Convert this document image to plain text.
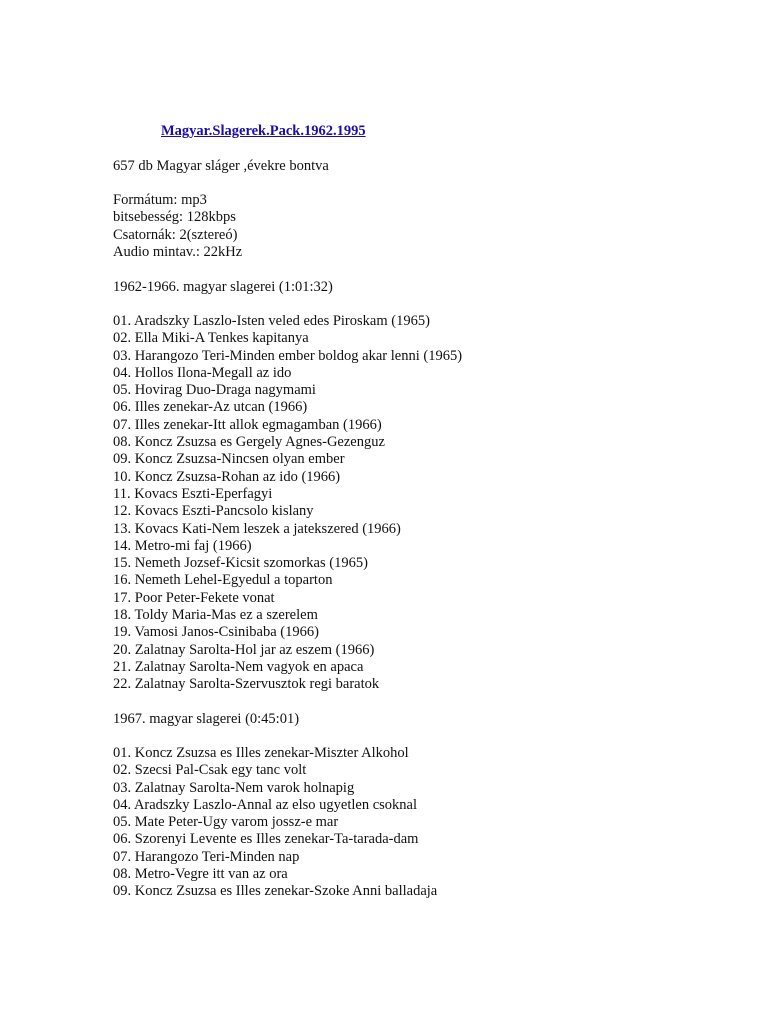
Magyar.Slagerek.Pack.1962.1995
657 db Magyar sláger ,évekre bontva
Formátum: mp3
bitsebesség: 128kbps
Csatornák: 2(sztereó)
Audio mintav.: 22kHz
1962-1966. magyar slagerei (1:01:32)
01. Aradszky Laszlo-Isten veled edes Piroskam (1965)
02. Ella Miki-A Tenkes kapitanya
03. Harangozo Teri-Minden ember boldog akar lenni (1965)
04. Hollos Ilona-Megall az ido
05. Hovirag Duo-Draga nagymami
06. Illes zenekar-Az utcan (1966)
07. Illes zenekar-Itt allok egmagamban (1966)
08. Koncz Zsuzsa es Gergely Agnes-Gezenguz
09. Koncz Zsuzsa-Nincsen olyan ember
10. Koncz Zsuzsa-Rohan az ido (1966)
11. Kovacs Eszti-Eperfagyi
12. Kovacs Eszti-Pancsolo kislany
13. Kovacs Kati-Nem leszek a jatekszered (1966)
14. Metro-mi faj (1966)
15. Nemeth Jozsef-Kicsit szomorkas (1965)
16. Nemeth Lehel-Egyedul a toparton
17. Poor Peter-Fekete vonat
18. Toldy Maria-Mas ez a szerelem
19. Vamosi Janos-Csinibaba (1966)
20. Zalatnay Sarolta-Hol jar az eszem (1966)
21. Zalatnay Sarolta-Nem vagyok en apaca
22. Zalatnay Sarolta-Szervusztok regi baratok
1967. magyar slagerei (0:45:01)
01. Koncz Zsuzsa es Illes zenekar-Miszter Alkohol
02. Szecsi Pal-Csak egy tanc volt
03. Zalatnay Sarolta-Nem varok holnapig
04. Aradszky Laszlo-Annal az elso ugyetlen csoknal
05. Mate Peter-Ugy varom jossz-e mar
06. Szorenyi Levente es Illes zenekar-Ta-tarada-dam
07. Harangozo Teri-Minden nap
08. Metro-Vegre itt van az ora
09. Koncz Zsuzsa es Illes zenekar-Szoke Anni balladaja
